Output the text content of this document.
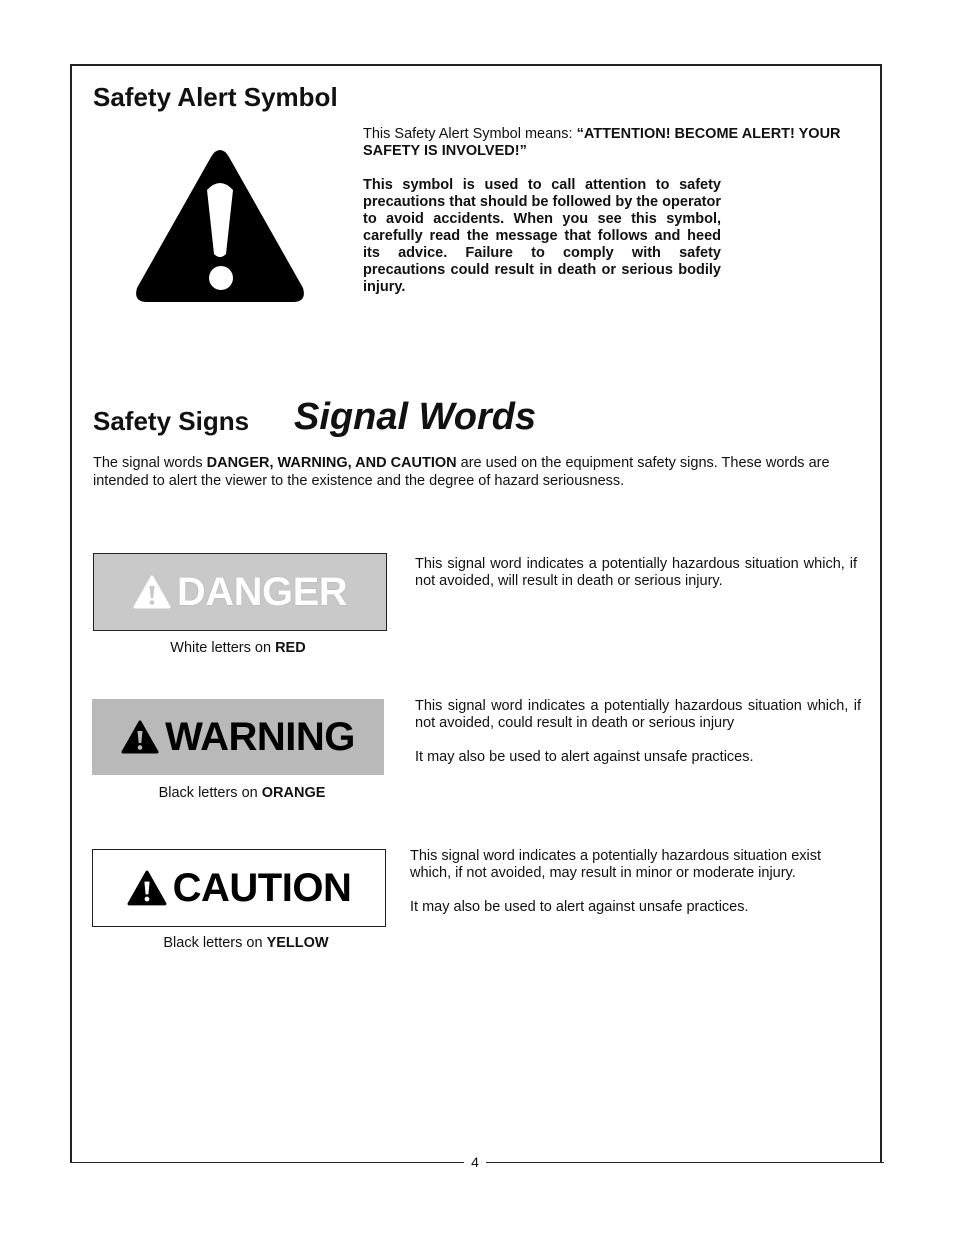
4
Safety Alert Symbol

This Safety Alert Symbol means: “ATTENTION! BECOME ALERT! YOUR SAFETY IS INVOLVED!”

This symbol is used to call attention to safety precautions that should be followed by the operator to avoid accidents. When you see this symbol, carefully read the message that follows and heed its advice. Failure to comply with safety precautions could result in death or serious bodily injury.
Safety Signs Signal Words
The signal words DANGER, WARNING, AND CAUTION are used on the equipment safety signs. These words are intended to alert the viewer to the existence and the degree of hazard seriousness.
DANGER
White letters on RED

This signal word indicates a potentially hazardous situation which, if not avoided, will result in death or serious injury.

WARNING
Black letters on ORANGE

This signal word indicates a potentially hazardous situation which, if not avoided, could result in death or serious injury

It may also be used to alert against unsafe practices.

CAUTION
Black letters on YELLOW

This signal word indicates a potentially hazardous situation exist which, if not avoided, may result in minor or moderate injury.

It may also be used to alert against unsafe practices.
